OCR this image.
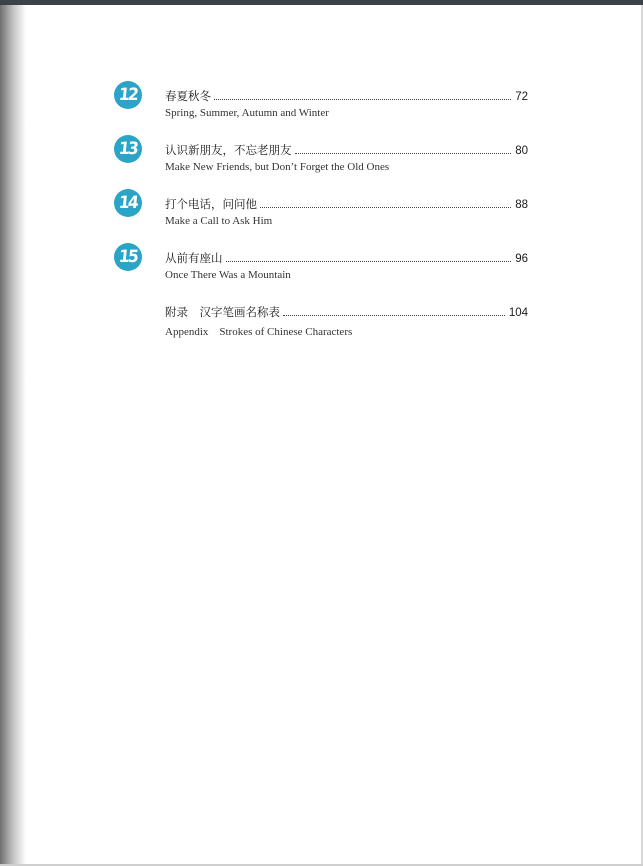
12 春夏秋冬	72
Spring, Summer, Autumn and Winter
13 认识新朋友，不忘老朋友	80
Make New Friends, but Don’t Forget the Old Ones
14 打个电话，问问他	88
Make a Call to Ask Him
15 从前有座山	96
Once There Was a Mountain
附录　汉字笔画名称表	104
Appendix　Strokes of Chinese Characters
